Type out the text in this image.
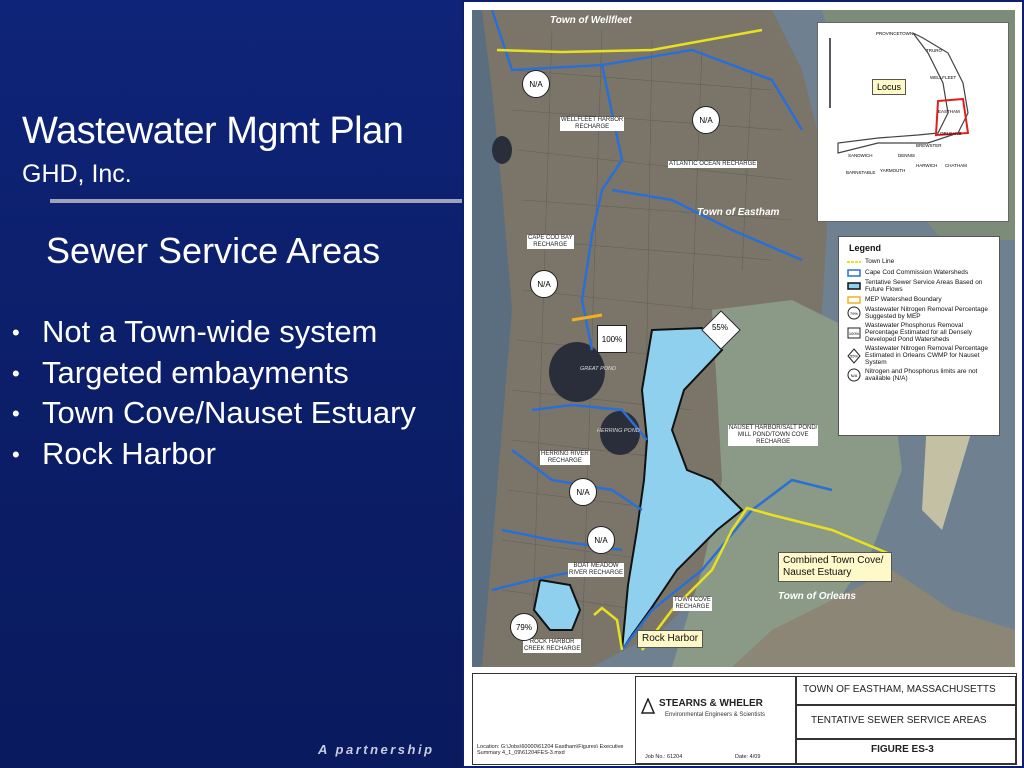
Wastewater Mgmt Plan
GHD, Inc.
Sewer Service Areas
• Not a Town-wide system
• Targeted embayments
• Town Cove/Nauset Estuary
• Rock Harbor
A partnership
Town of Wellfleet
Town of Eastham
Town of Orleans
WELLFLEET HARBOR
RECHARGE
ATLANTIC OCEAN RECHARGE
CAPE COD BAY
RECHARGE
NAUSET HARBOR/SALT POND/
MILL POND/TOWN COVE
RECHARGE
HERRING RIVER
RECHARGE
BOAT MEADOW
RIVER RECHARGE
TOWN COVE
RECHARGE
ROCK HARBOR
CREEK RECHARGE
GREAT POND
HERRING POND
N/A
N/A
N/A
N/A
N/A
100%
55%
79%
Combined Town Cove/ Nauset Estuary
Rock Harbor
Locus
PROVINCETOWN
TRURO
WELLFLEET
EASTHAM
ORLEANS
BREWSTER
DENNIS
HARWICH CHATHAM
SANDWICH
BARNSTABLE YARMOUTH
Legend
Town Line
Cape Cod Commission Watersheds
Tentative Sewer Service Areas Based on Future Flows
MEP Watershed Boundary
79%
Wastewater Nitrogen Removal Percentage Suggested by MEP
100%
Wastewater Phosphorus Removal Percentage Estimated for all Densely Developed Pond Watersheds
55%
Wastewater Nitrogen Removal Percentage Estimated in Orleans CWMP for Nauset System
N/A
Nitrogen and Phosphorus limits are not available (N/A)
Location: G:\Jobs\60000\61204 Eastham\Figures\ Executive Summary 4_1_09\61204FES-3.mxd
Job No.: 61204	Date: 4/09
STEARNS & WHELER
Environmental Engineers & Scientists
TOWN OF EASTHAM, MASSACHUSETTS
TENTATIVE SEWER SERVICE AREAS
FIGURE ES-3
